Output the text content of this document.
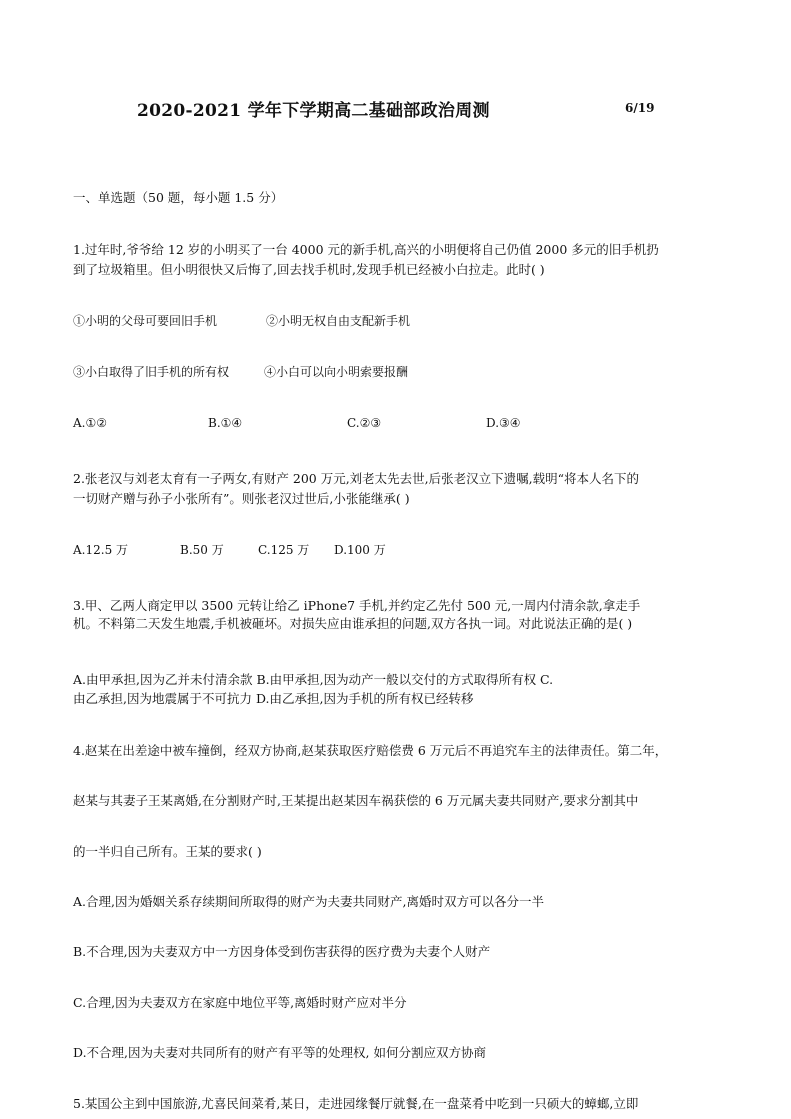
2020-2021 学年下学期高二基础部政治周测	6/19
一、单选题（50 题，每小题 1.5 分）
1.过年时,爷爷给 12 岁的小明买了一台 4000 元的新手机,高兴的小明便将自己仍值 2000 多元的旧手机扔
到了垃圾箱里。但小明很快又后悔了,回去找手机时,发现手机已经被小白拉走。此时( )
①小明的父母可要回旧手机	②小明无权自由支配新手机
③小白取得了旧手机的所有权	④小白可以向小明索要报酬
A.①②	B.①④	C.②③	D.③④
2.张老汉与刘老太育有一子两女,有财产 200 万元,刘老太先去世,后张老汉立下遗嘱,载明“将本人名下的
一切财产赠与孙子小张所有”。则张老汉过世后,小张能继承( )
A.12.5 万	B.50 万	C.125 万 D.100 万
3.甲、乙两人商定甲以 3500 元转让给乙 iPhone7 手机,并约定乙先付 500 元,一周内付清余款,拿走手
机。不料第二天发生地震,手机被砸坏。对损失应由谁承担的问题,双方各执一词。对此说法正确的是( )
A.由甲承担,因为乙并未付清余款 B.由甲承担,因为动产一般以交付的方式取得所有权 C.
由乙承担,因为地震属于不可抗力 D.由乙承担,因为手机的所有权已经转移
4.赵某在出差途中被车撞倒，经双方协商,赵某获取医疗赔偿费 6 万元后不再追究车主的法律责任。第二年，
赵某与其妻子王某离婚,在分割财产时,王某提出赵某因车祸获偿的 6 万元属夫妻共同财产,要求分割其中
的一半归自己所有。王某的要求( )
A.合理,因为婚姻关系存续期间所取得的财产为夫妻共同财产,离婚时双方可以各分一半
B.不合理,因为夫妻双方中一方因身体受到伤害获得的医疗费为夫妻个人财产
C.合理,因为夫妻双方在家庭中地位平等,离婚时财产应对半分
D.不合理,因为夫妻对共同所有的财产有平等的处理权, 如何分割应双方协商
5.某国公主到中国旅游,尤喜民间菜肴,某日，走进园缘餐厅就餐,在一盘菜肴中吃到一只硕大的蟑螂,立即
